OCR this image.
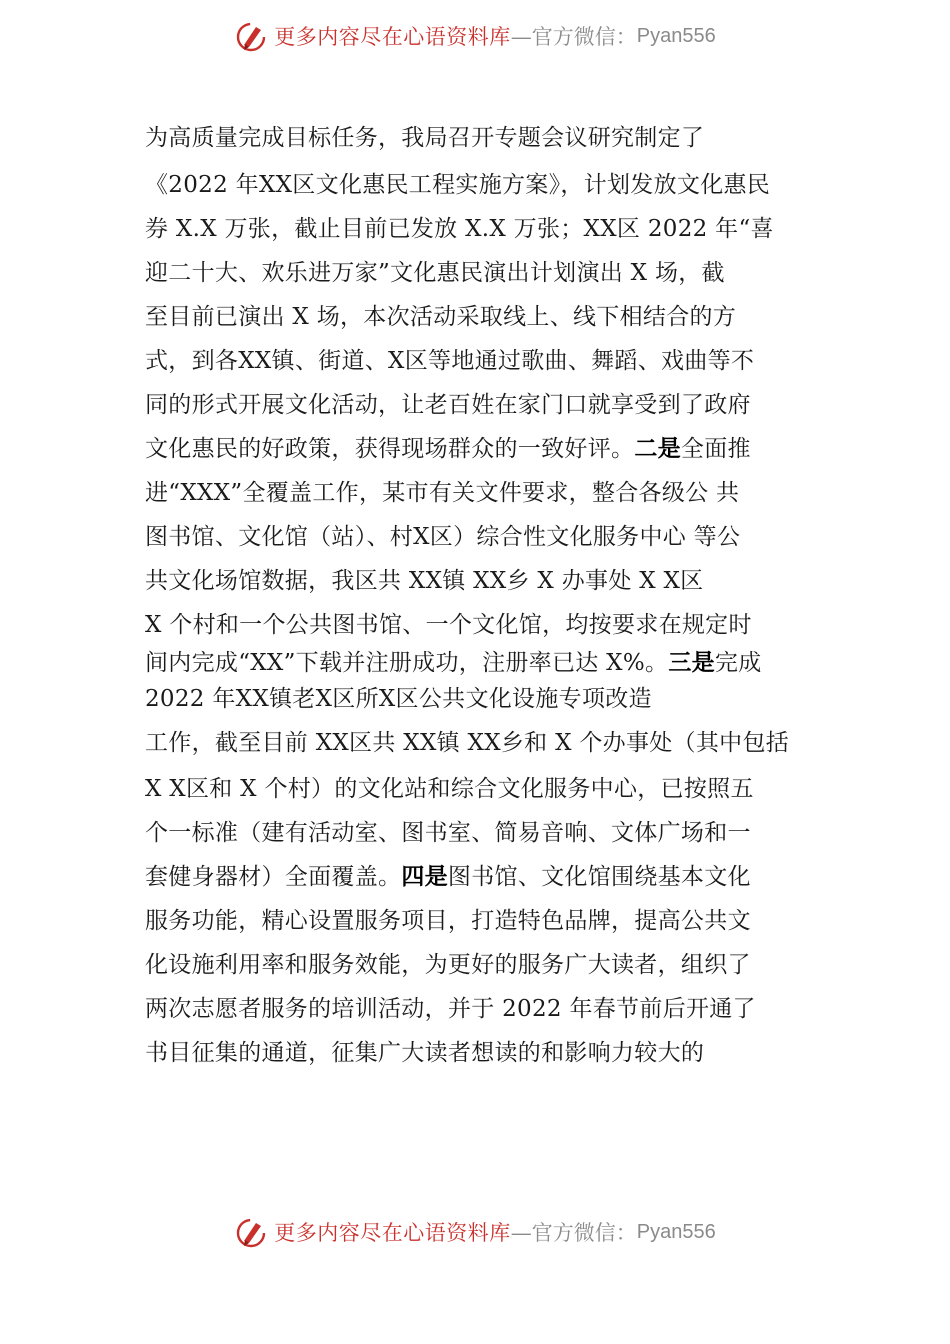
更多内容尽在心语资料库 —官方微信： Pyan556
为高质量完成目标任务，我局召开专题会议研究制定了
《2022 年XX区文化惠民工程实施方案》，计划发放文化惠民
券 X.X 万张，截止目前已发放 X.X 万张；XX区 2022 年“喜
迎二十大、欢乐进万家”文化惠民演出计划演出 X 场，截
至目前已演出 X 场，本次活动采取线上、线下相结合的方
式，到各XX镇、街道、X区等地通过歌曲、舞蹈、戏曲等不
同的形式开展文化活动，让老百姓在家门口就享受到了政府
文化惠民的好政策，获得现场群众的一致好评。二是全面推
进“XXX”全覆盖工作，某市有关文件要求，整合各级公 共
图书馆、文化馆（站）、村X区）综合性文化服务中心 等公
共文化场馆数据，我区共 XX镇 XX乡 X 办事处 X X区
X 个村和一个公共图书馆、一个文化馆，均按要求在规定时
间内完成“XX”下载并注册成功，注册率已达 X%。三是完成
2022 年XX镇老X区所X区公共文化设施专项改造
工作，截至目前 XX区共 XX镇 XX乡和 X 个办事处（其中包括
X X区和 X 个村）的文化站和综合文化服务中心，已按照五
个一标准（建有活动室、图书室、简易音响、文体广场和一
套健身器材）全面覆盖。四是图书馆、文化馆围绕基本文化
服务功能，精心设置服务项目，打造特色品牌，提高公共文
化设施利用率和服务效能，为更好的服务广大读者，组织了
两次志愿者服务的培训活动，并于 2022 年春节前后开通了
书目征集的通道，征集广大读者想读的和影响力较大的
更多内容尽在心语资料库 —官方微信： Pyan556
